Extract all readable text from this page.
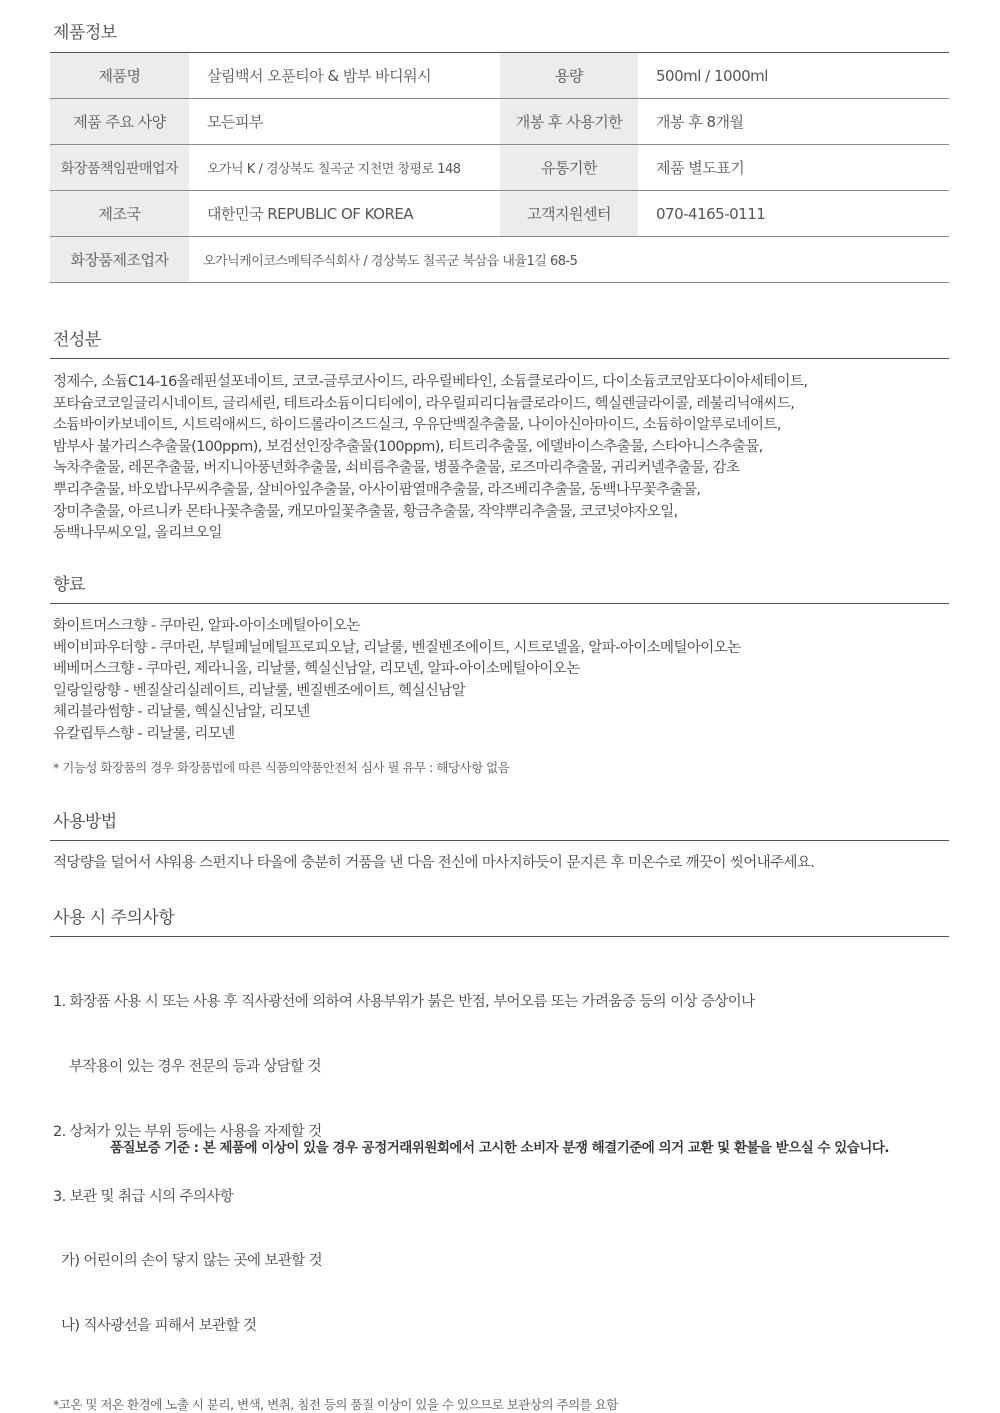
제품정보
제품명	살림백서 오푼티아 & 밤부 바디워시	용량	500ml / 1000ml
제품 주요 사양	모든피부	개봉 후 사용기한	개봉 후 8개월
화장품책임판매업자	오가닉 K / 경상북도 칠곡군 지천면 창평로 148	유통기한	제품 별도표기
제조국	대한민국 REPUBLIC OF KOREA	고객지원센터	070-4165-0111
화장품제조업자	오가닉케이코스메틱주식회사 / 경상북도 칠곡군 북삼읍 내율1길 68-5		
전성분
정제수, 소듐C14-16올레핀설포네이트, 코코-글루코사이드, 라우릴베타인, 소듐클로라이드, 다이소듐코코암포다이아세테이트,
포타슘코코일글리시네이트, 글리세린, 테트라소듐이디티에이, 라우릴피리디늄클로라이드, 헥실렌글라이콜, 레불리닉애씨드,
소듐바이카보네이트, 시트릭애씨드, 하이드롤라이즈드실크, 우유단백질추출물, 나이아신아마이드, 소듐하이알루로네이트,
밤부사 불가리스추출물(100ppm), 보검선인장추출물(100ppm), 티트리추출물, 에델바이스추출물, 스타아니스추출물,
녹차추출물, 레몬추출물, 버지니아풍년화추출물, 쇠비름추출물, 병풀추출물, 로즈마리추출물, 귀리커넬추출물, 감초
뿌리추출물, 바오밥나무씨추출물, 살비아잎추출물, 아사이팜열매추출물, 라즈베리추출물, 동백나무꽃추출물,
장미추출물, 아르니카 몬타나꽃추출물, 캐모마일꽃추출물, 황금추출물, 작약뿌리추출물, 코코넛야자오일,
동백나무씨오일, 올리브오일
향료
화이트머스크향 - 쿠마린, 알파-아이소메틸아이오논
베이비파우더향 - 쿠마린, 부틸페닐메틸프로피오날, 리날룰, 벤질벤조에이트, 시트로넬올, 알파-아이소메틸아이오논
베베머스크향 - 쿠마린, 제라니올, 리날룰, 헥실신남알, 리모넨, 알파-아이소메틸아이오논
일랑일랑향 - 벤질살리실레이트, 리날룰, 벤질벤조에이트, 헥실신남알
체리블라썸향 - 리날룰, 헥실신남알, 리모넨
유칼립투스향 - 리날룰, 리모넨
* 기능성 화장품의 경우 화장품법에 따른 식품의약품안전처 심사 필 유무 : 해당사항 없음
사용방법
적당량을 덜어서 샤워용 스펀지나 타올에 충분히 거품을 낸 다음 전신에 마사지하듯이 문지른 후 미온수로 깨끗이 씻어내주세요.
사용 시 주의사항

1. 화장품 사용 시 또는 사용 후 직사광선에 의하여 사용부위가 붉은 반점, 부어오름 또는 가려움증 등의 이상 증상이나

부작용이 있는 경우 전문의 등과 상담할 것

2. 상처가 있는 부위 등에는 사용을 자제할 것

3. 보관 및 취급 시의 주의사항

가) 어린이의 손이 닿지 않는 곳에 보관할 것

나) 직사광선을 피해서 보관할 것

*고온 및 저온 환경에 노출 시 분리, 변색, 변취, 침전 등의 품질 이상이 있을 수 있으므로 보관상의 주의를 요함
품질보증 기준 : 본 제품에 이상이 있을 경우 공정거래위원회에서 고시한 소비자 분쟁 해결기준에 의거 교환 및 환불을 받으실 수 있습니다.
